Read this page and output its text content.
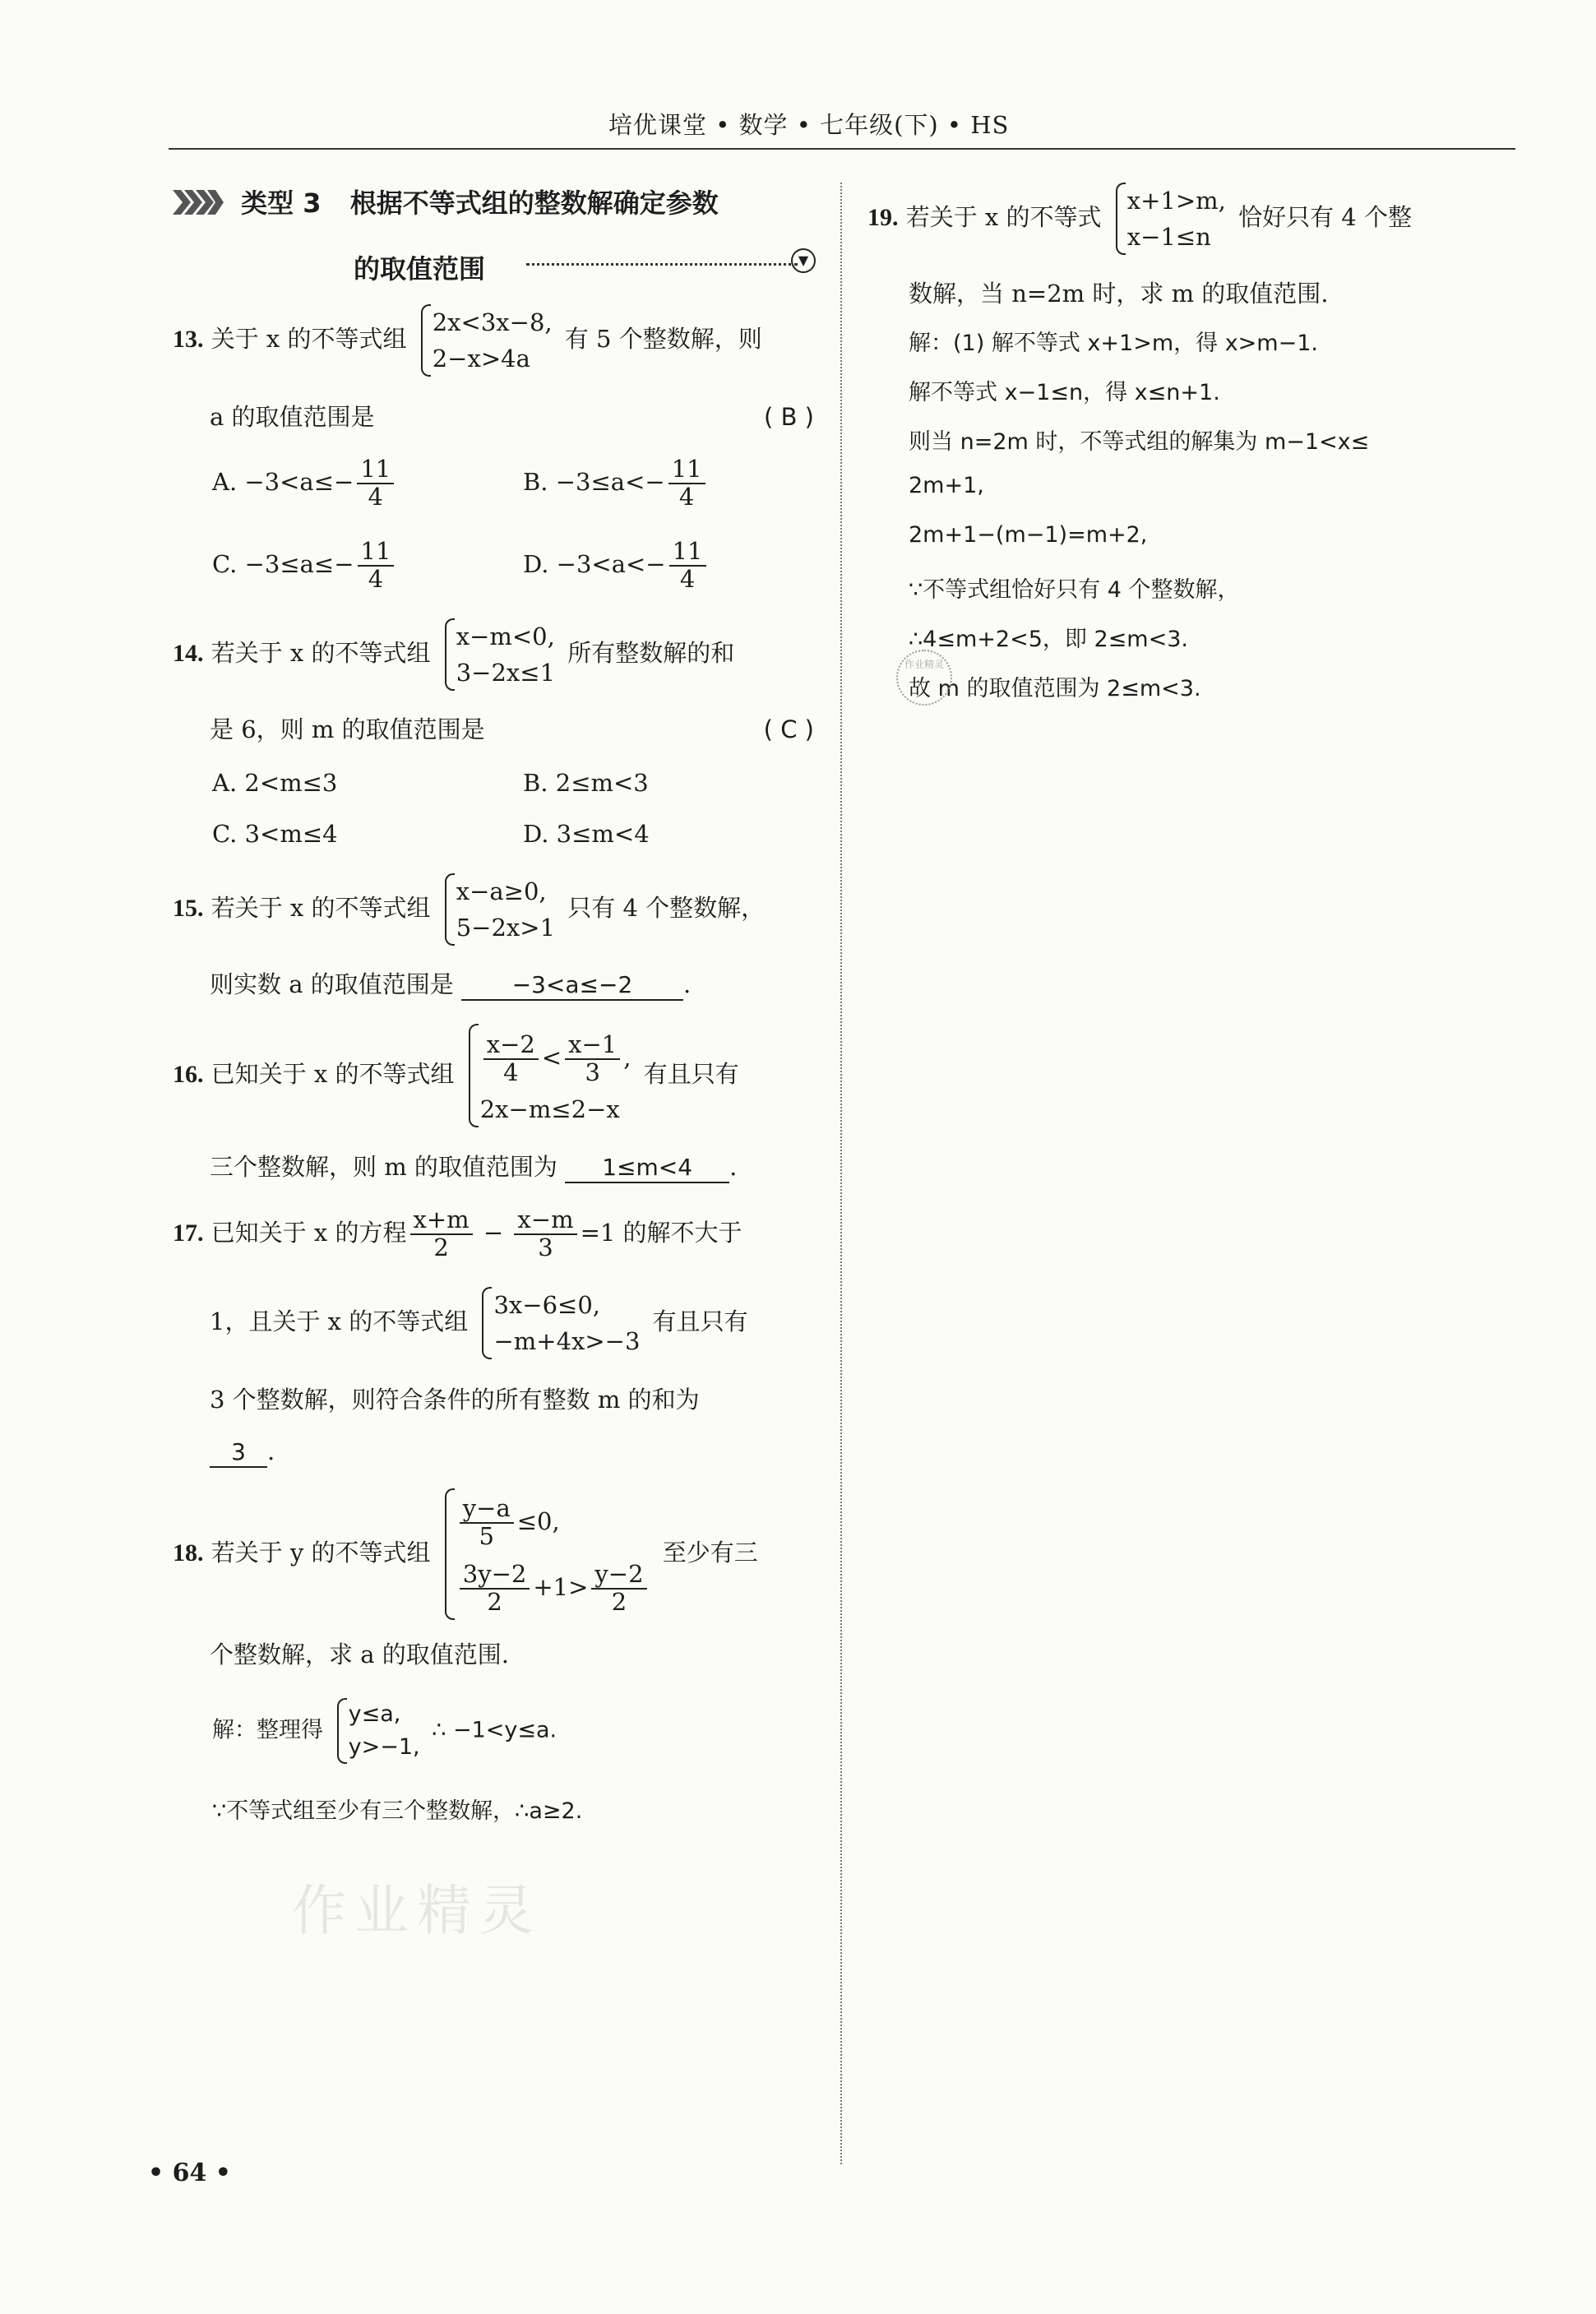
培优课堂 • 数学 • 七年级(下) • HS
类型 3 根据不等式组的整数解确定参数
的取值范围	▼
13. 关于 x 的不等式组
2x<3x−8,
2−x>4a
有 5 个整数解，则
a 的取值范围是	( B )
A. $-3<a\le- \frac{11}{4}$	B. $-3\le a<- \frac{11}{4}$
C. $-3\le a\le- \frac{11}{4}$	D. $-3<a<- \frac{11}{4}$
14. 若关于 x 的不等式组
x−m<0,
3−2x≤1
所有整数解的和
是 6，则 m 的取值范围是	( C )
A. 2<m≤3	B. 2≤m<3
C. 3<m≤4	D. 3≤m<4
15. 若关于 x 的不等式组
x−a≥0,
5−2x>1
只有 4 个整数解，
则实数 a 的取值范围是	−3<a≤−2 .
16. 已知关于 x 的不等式组 $\frac{x-2}{4} < \frac{x-1}{3}$ ,
2x−m≤2−x
有且只有
三个整数解，则 m 的取值范围为 1≤m<4 .
17. 已知关于 x 的方程 $\frac{x+m}{2} - \frac{x-m}{3} =1$ 的解不大于
1，且关于 x 的不等式组
3x−6≤0,
−m+4x>−3
有且只有
3 个整数解，则符合条件的所有整数 m 的和为
3 .
18. 若关于 y 的不等式组
$\frac{y-a}{5} \le 0$,
$\frac{3y-2}{2} +1> \frac{y-2}{2}$
至少有三
个整数解，求 a 的取值范围.
解：整理得
y≤a,
y>−1,
∴ −1<y≤a.
∵不等式组至少有三个整数解，∴a≥2.
19. 若关于 x 的不等式
x+1>m,
x−1≤n
恰好只有 4 个整
数解，当 n=2m 时，求 m 的取值范围.
解：(1) 解不等式 x+1>m，得 x>m−1.
解不等式 x−1≤n，得 x≤n+1.
则当 n=2m 时，不等式组的解集为 m−1<x≤
2m+1,
2m+1−(m−1)=m+2,
∵不等式组恰好只有 4 个整数解，
∴4≤m+2<5，即 2≤m<3.
故 m 的取值范围为 2≤m<3.
作业精灵
作业精灵
• 64 •
